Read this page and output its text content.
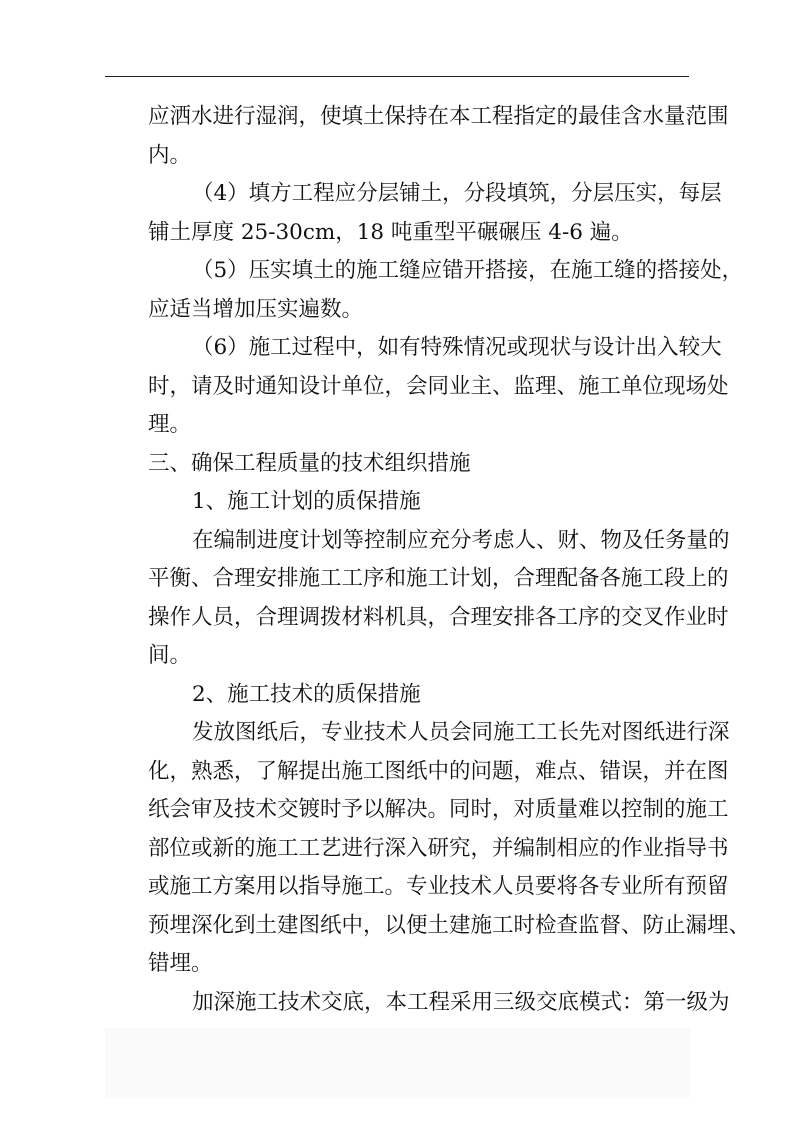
应洒水进行湿润，使填土保持在本工程指定的最佳含水量范围
内。
（4）填方工程应分层铺土，分段填筑，分层压实，每层
铺土厚度 25-30cm，18 吨重型平碾碾压 4-6 遍。
（5）压实填土的施工缝应错开搭接，在施工缝的搭接处，
应适当增加压实遍数。
（6）施工过程中，如有特殊情况或现状与设计出入较大
时，请及时通知设计单位，会同业主、监理、施工单位现场处
理。
三、确保工程质量的技术组织措施
1、施工计划的质保措施
在编制进度计划等控制应充分考虑人、财、物及任务量的
平衡、合理安排施工工序和施工计划，合理配备各施工段上的
操作人员，合理调拨材料机具，合理安排各工序的交叉作业时
间。
2、施工技术的质保措施
发放图纸后，专业技术人员会同施工工长先对图纸进行深
化，熟悉，了解提出施工图纸中的问题，难点、错误，并在图
纸会审及技术交镀时予以解决。同时，对质量难以控制的施工
部位或新的施工工艺进行深入研究，并编制相应的作业指导书
或施工方案用以指导施工。专业技术人员要将各专业所有预留
预埋深化到土建图纸中，以便土建施工时检查监督、防止漏埋、
错埋。
加深施工技术交底，本工程采用三级交底模式：第一级为
